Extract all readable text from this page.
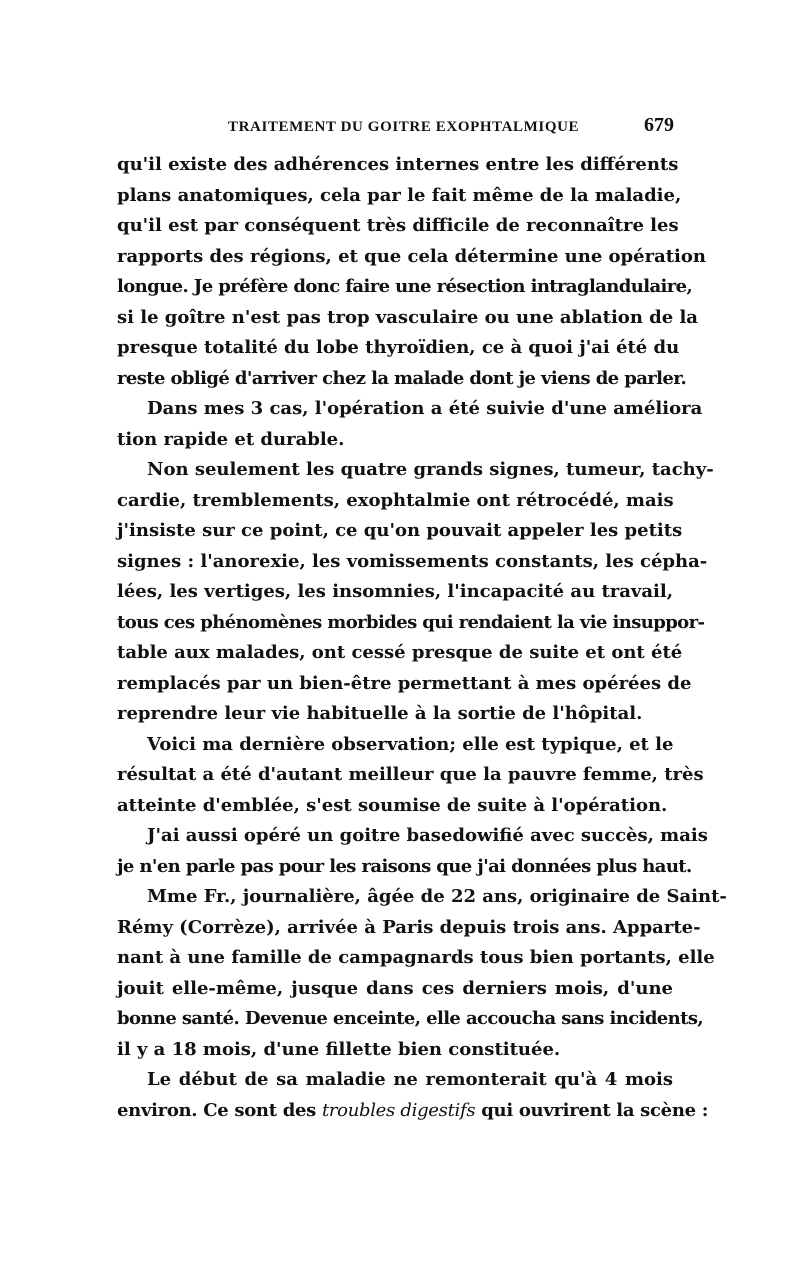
TRAITEMENT DU GOITRE EXOPHTALMIQUE	679
qu'il existe des adhérences internes entre les différents
plans anatomiques, cela par le fait même de la maladie,
qu'il est par conséquent très difficile de reconnaître les
rapports des régions, et que cela détermine une opération
longue. Je préfère donc faire une résection intraglandulaire,
si le goître n'est pas trop vasculaire ou une ablation de la
presque totalité du lobe thyroïdien, ce à quoi j'ai été du
reste obligé d'arriver chez la malade dont je viens de parler.
Dans mes 3 cas, l'opération a été suivie d'une améliora
tion rapide et durable.
Non seulement les quatre grands signes, tumeur, tachy-
cardie, tremblements, exophtalmie ont rétrocédé, mais
j'insiste sur ce point, ce qu'on pouvait appeler les petits
signes : l'anorexie, les vomissements constants, les cépha-
lées, les vertiges, les insomnies, l'incapacité au travail,
tous ces phénomènes morbides qui rendaient la vie insuppor-
table aux malades, ont cessé presque de suite et ont été
remplacés par un bien-être permettant à mes opérées de
reprendre leur vie habituelle à la sortie de l'hôpital.
Voici ma dernière observation; elle est typique, et le
résultat a été d'autant meilleur que la pauvre femme, très
atteinte d'emblée, s'est soumise de suite à l'opération.
J'ai aussi opéré un goitre basedowifié avec succès, mais
je n'en parle pas pour les raisons que j'ai données plus haut.
Mme Fr., journalière, âgée de 22 ans, originaire de Saint-
Rémy (Corrèze), arrivée à Paris depuis trois ans. Apparte-
nant à une famille de campagnards tous bien portants, elle
jouit elle-même, jusque dans ces derniers mois, d'une
bonne santé. Devenue enceinte, elle accoucha sans incidents,
il y a 18 mois, d'une fillette bien constituée.
Le début de sa maladie ne remonterait qu'à 4 mois
environ. Ce sont des troubles digestifs qui ouvrirent la scène :
